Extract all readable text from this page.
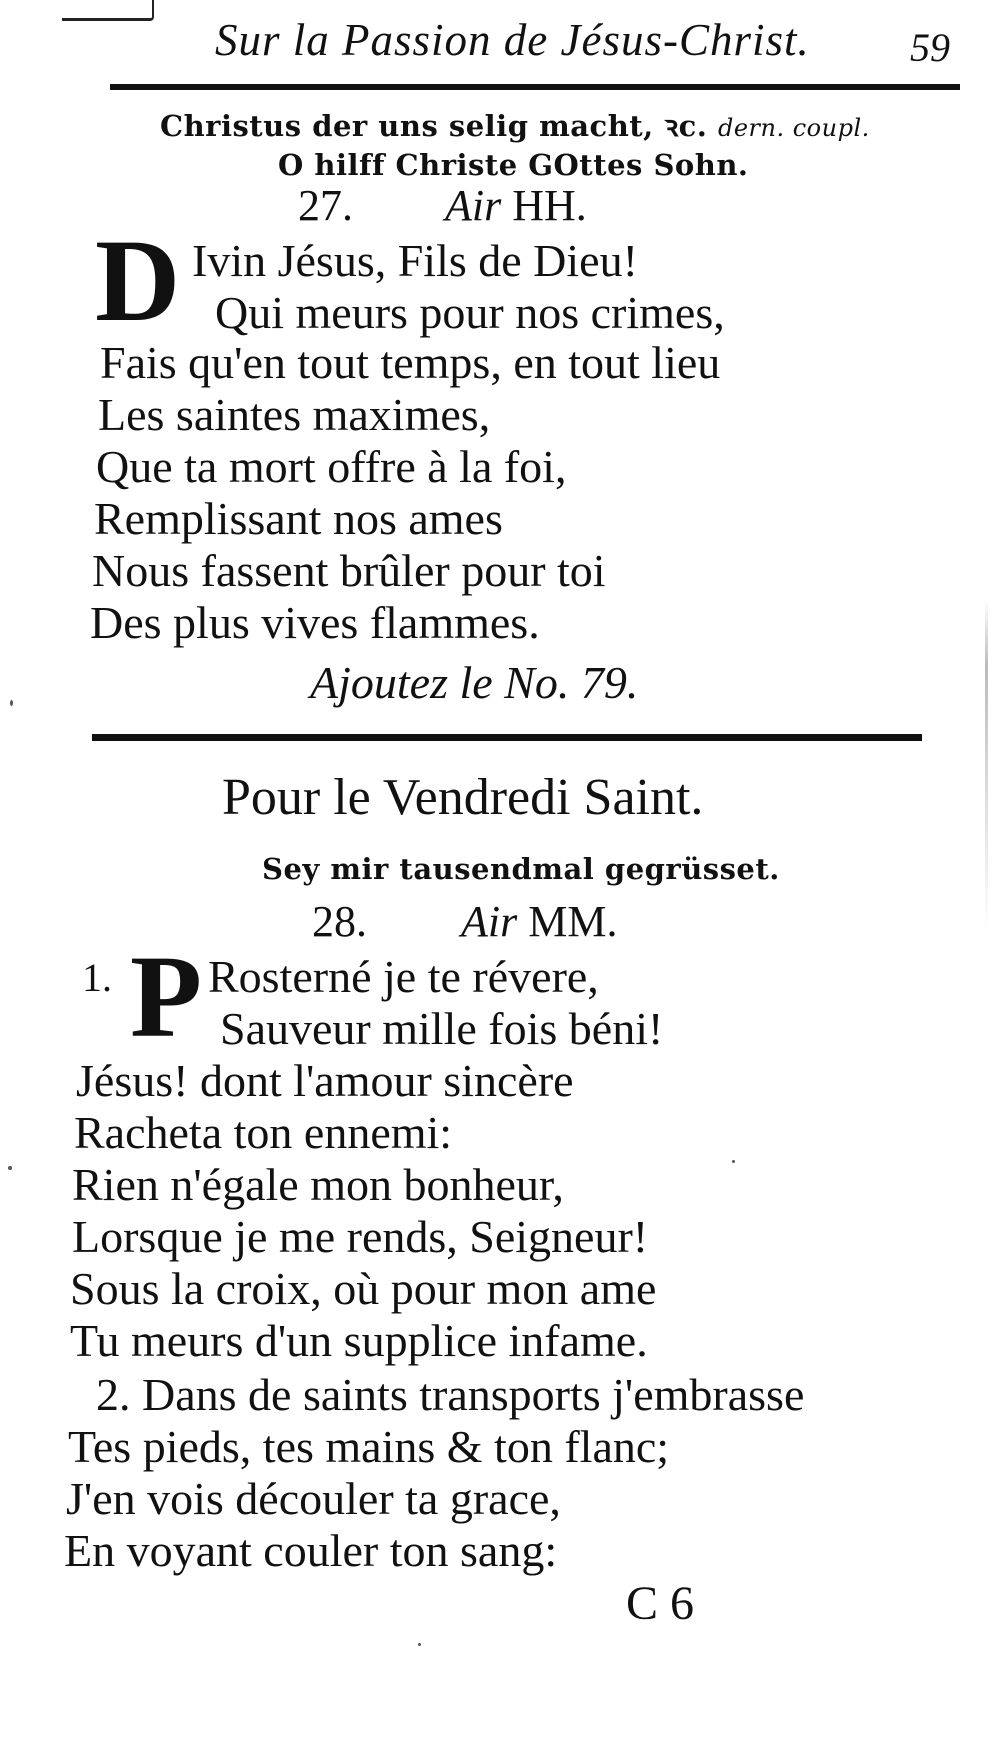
Sur la Passion de Jésus-Christ.	59
Christus der uns selig macht, ꝛc. dern. coupl.
O hilff Christe GOttes Sohn.
27. Air HH.
D Ivin Jésus, Fils de Dieu!
Qui meurs pour nos crimes,
Fais qu'en tout temps, en tout lieu
Les saintes maximes,
Que ta mort offre à la foi,
Remplissant nos ames
Nous fassent brûler pour toi
Des plus vives flammes.
Ajoutez le No. 79.
Pour le Vendredi Saint.
Sey mir tausendmal gegrüsset.
28. Air MM.
1. P Rosterné je te révere,
Sauveur mille fois béni!
Jésus! dont l'amour sincère
Racheta ton ennemi:
Rien n'égale mon bonheur,
Lorsque je me rends, Seigneur!
Sous la croix, où pour mon ame
Tu meurs d'un supplice infame.
2. Dans de saints transports j'embrasse
Tes pieds, tes mains & ton flanc;
J'en vois découler ta grace,
En voyant couler ton sang:
C 6
